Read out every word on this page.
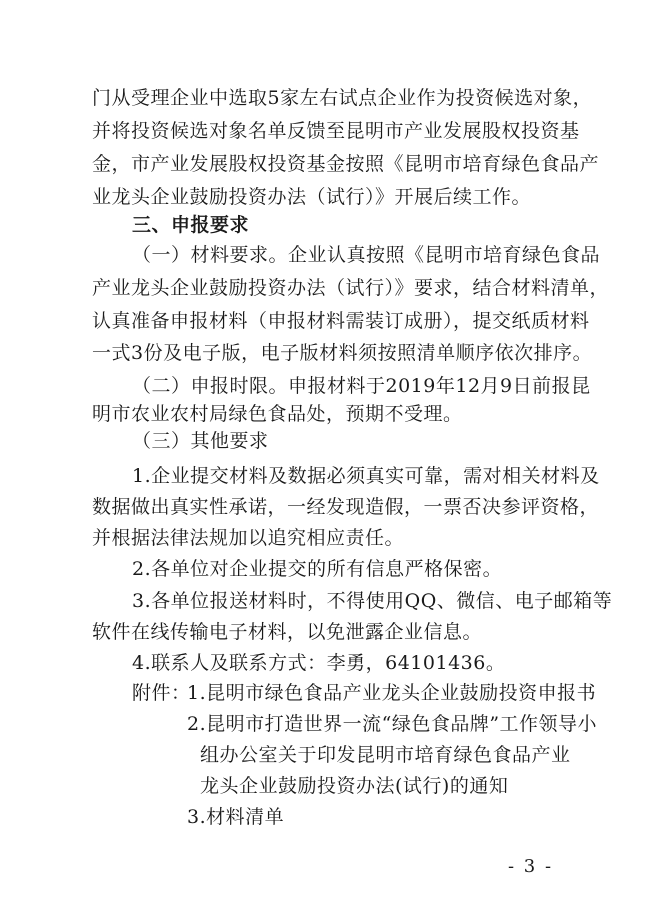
门从受理企业中选取5家左右试点企业作为投资候选对象，
并将投资候选对象名单反馈至昆明市产业发展股权投资基
金，市产业发展股权投资基金按照《昆明市培育绿色食品产
业龙头企业鼓励投资办法（试行）》开展后续工作。
三、申报要求
（一）材料要求。企业认真按照《昆明市培育绿色食品
产业龙头企业鼓励投资办法（试行）》要求，结合材料清单，
认真准备申报材料（申报材料需装订成册），提交纸质材料
一式3份及电子版，电子版材料须按照清单顺序依次排序。
（二）申报时限。申报材料于2019年12月9日前报昆
明市农业农村局绿色食品处，预期不受理。
（三）其他要求
1.企业提交材料及数据必须真实可靠，需对相关材料及
数据做出真实性承诺，一经发现造假，一票否决参评资格，
并根据法律法规加以追究相应责任。
2.各单位对企业提交的所有信息严格保密。
3.各单位报送材料时，不得使用QQ、微信、电子邮箱等
软件在线传输电子材料，以免泄露企业信息。
4.联系人及联系方式：李勇，64101436。
附件：
1.昆明市绿色食品产业龙头企业鼓励投资申报书
2.昆明市打造世界一流“绿色食品牌”工作领导小
组办公室关于印发昆明市培育绿色食品产业
龙头企业鼓励投资办法(试行)的通知
3.材料清单
- 3 -
